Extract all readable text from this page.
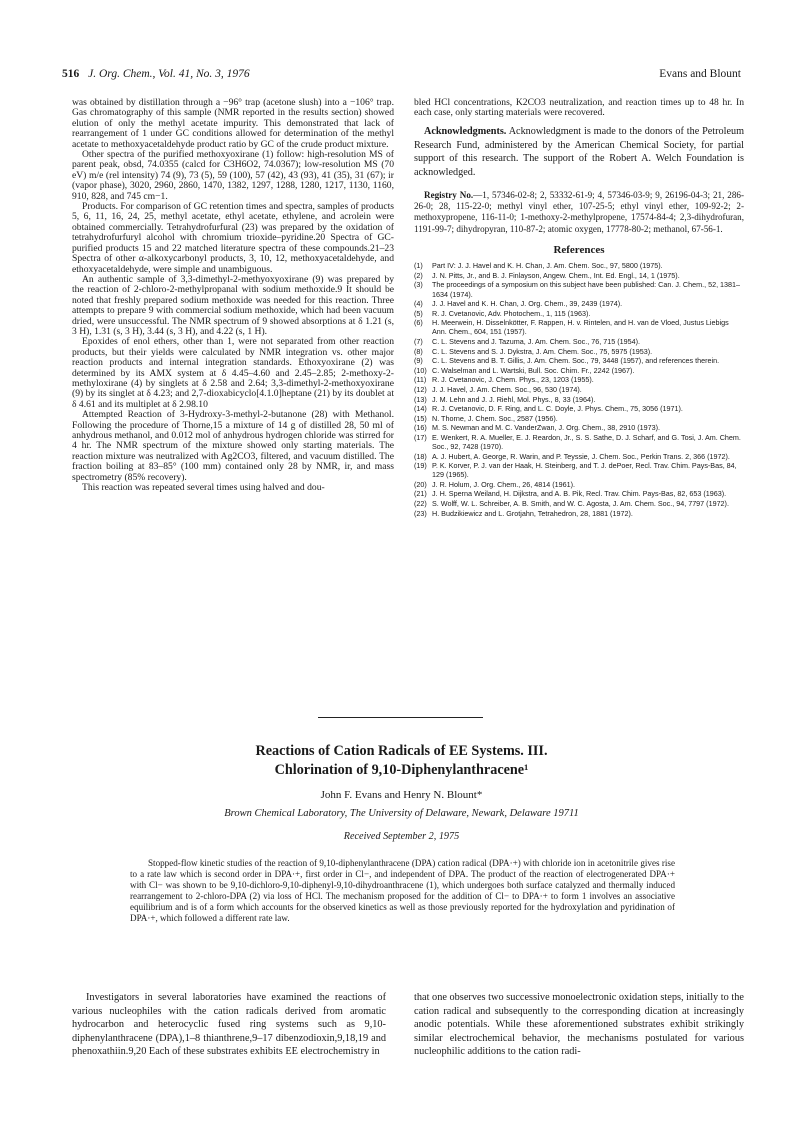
516 J. Org. Chem., Vol. 41, No. 3, 1976	Evans and Blount

was obtained by distillation through a −96° trap (acetone slush) into a −106° trap. Gas chromatography of this sample (NMR reported in the results section) showed elution of only the methyl acetate impurity. This demonstrated that lack of rearrangement of 1 under GC conditions allowed for determination of the methyl acetate to methoxyacetaldehyde product ratio by GC of the crude product mixture.

Other spectra of the purified methoxyoxirane (1) follow: high-resolution MS of parent peak, obsd, 74.0355 (calcd for C3H6O2, 74.0367); low-resolution MS (70 eV) m/e (rel intensity) 74 (9), 73 (5), 59 (100), 57 (42), 43 (93), 41 (35), 31 (67); ir (vapor phase), 3020, 2960, 2860, 1470, 1382, 1297, 1288, 1280, 1217, 1130, 1160, 910, 828, and 745 cm−1.

Products. For comparison of GC retention times and spectra, samples of products 5, 6, 11, 16, 24, 25, methyl acetate, ethyl acetate, ethylene, and acrolein were obtained commercially. Tetrahydrofurfural (23) was prepared by the oxidation of tetrahydrofurfuryl alcohol with chromium trioxide–pyridine.20 Spectra of GC-purified products 15 and 22 matched literature spectra of these compounds.21–23 Spectra of other α-alkoxycarbonyl products, 3, 10, 12, methoxyacetaldehyde, and ethoxyacetaldehyde, were simple and unambiguous.

An authentic sample of 3,3-dimethyl-2-methyoxyoxirane (9) was prepared by the reaction of 2-chloro-2-methylpropanal with sodium methoxide.9 It should be noted that freshly prepared sodium methoxide was needed for this reaction. Three attempts to prepare 9 with commercial sodium methoxide, which had been vacuum dried, were unsuccessful. The NMR spectrum of 9 showed absorptions at δ 1.21 (s, 3 H), 1.31 (s, 3 H), 3.44 (s, 3 H), and 4.22 (s, 1 H).

Epoxides of enol ethers, other than 1, were not separated from other reaction products, but their yields were calculated by NMR integration vs. other major reaction products and internal integration standards. Ethoxyoxirane (2) was determined by its AMX system at δ 4.45–4.60 and 2.45–2.85; 2-methoxy-2-methyloxirane (4) by singlets at δ 2.58 and 2.64; 3,3-dimethyl-2-methoxyoxirane (9) by its singlet at δ 4.23; and 2,7-dioxabicyclo[4.1.0]heptane (21) by its doublet at δ 4.61 and its multiplet at δ 2.98.10

Attempted Reaction of 3-Hydroxy-3-methyl-2-butanone (28) with Methanol. Following the procedure of Thorne,15 a mixture of 14 g of distilled 28, 50 ml of anhydrous methanol, and 0.012 mol of anhydrous hydrogen chloride was stirred for 4 hr. The NMR spectrum of the mixture showed only starting materials. The reaction mixture was neutralized with Ag2CO3, filtered, and vacuum distilled. The fraction boiling at 83–85° (100 mm) contained only 28 by NMR, ir, and mass spectrometry (85% recovery).

This reaction was repeated several times using halved and dou-

bled HCl concentrations, K2CO3 neutralization, and reaction times up to 48 hr. In each case, only starting materials were recovered.

Acknowledgments. Acknowledgment is made to the donors of the Petroleum Research Fund, administered by the American Chemical Society, for partial support of this research. The support of the Robert A. Welch Foundation is acknowledged.

Registry No.—1, 57346-02-8; 2, 53332-61-9; 4, 57346-03-9; 9, 26196-04-3; 21, 286-26-0; 28, 115-22-0; methyl vinyl ether, 107-25-5; ethyl vinyl ether, 109-92-2; 2-methoxypropene, 116-11-0; 1-methoxy-2-methylpropene, 17574-84-4; 2,3-dihydrofuran, 1191-99-7; dihydropyran, 110-87-2; atomic oxygen, 17778-80-2; methanol, 67-56-1.

References
(1)	Part IV: J. J. Havel and K. H. Chan, J. Am. Chem. Soc., 97, 5800 (1975).
(2)	J. N. Pitts, Jr., and B. J. Finlayson, Angew. Chem., Int. Ed. Engl., 14, 1 (1975).
(3)	The proceedings of a symposium on this subject have been published: Can. J. Chem., 52, 1381–1634 (1974).
(4)	J. J. Havel and K. H. Chan, J. Org. Chem., 39, 2439 (1974).
(5)	R. J. Cvetanovic, Adv. Photochem., 1, 115 (1963).
(6)	H. Meerwein, H. Disselnkötter, F. Rappen, H. v. Rintelen, and H. van de Vloed, Justus Liebigs Ann. Chem., 604, 151 (1957).
(7)	C. L. Stevens and J. Tazuma, J. Am. Chem. Soc., 76, 715 (1954).
(8)	C. L. Stevens and S. J. Dykstra, J. Am. Chem. Soc., 75, 5975 (1953).
(9)	C. L. Stevens and B. T. Gillis, J. Am. Chem. Soc., 79, 3448 (1957), and references therein.
(10) C. Walselman and L. Wartski, Bull. Soc. Chim. Fr., 2242 (1967).
(11) R. J. Cvetanovic, J. Chem. Phys., 23, 1203 (1955).
(12) J. J. Havel, J. Am. Chem. Soc., 96, 530 (1974).
(13) J. M. Lehn and J. J. Riehl, Mol. Phys., 8, 33 (1964).
(14) R. J. Cvetanovic, D. F. Ring, and L. C. Doyle, J. Phys. Chem., 75, 3056 (1971).
(15) N. Thorne, J. Chem. Soc., 2587 (1956).
(16) M. S. Newman and M. C. VanderZwan, J. Org. Chem., 38, 2910 (1973).
(17) E. Wenkert, R. A. Mueller, E. J. Reardon, Jr., S. S. Sathe, D. J. Scharf, and G. Tosi, J. Am. Chem. Soc., 92, 7428 (1970).
(18) A. J. Hubert, A. George, R. Warin, and P. Teyssie, J. Chem. Soc., Perkin Trans. 2, 366 (1972).
(19) P. K. Korver, P. J. van der Haak, H. Steinberg, and T. J. dePoer, Recl. Trav. Chim. Pays-Bas, 84, 129 (1965).
(20) J. R. Holum, J. Org. Chem., 26, 4814 (1961).
(21) J. H. Sperna Weiland, H. Dijkstra, and A. B. Pik, Recl. Trav. Chim. Pays-Bas, 82, 653 (1963).
(22) S. Wolff, W. L. Schreiber, A. B. Smith, and W. C. Agosta, J. Am. Chem. Soc., 94, 7797 (1972).
(23) H. Budzikiewicz and L. Grotjahn, Tetrahedron, 28, 1881 (1972).
Reactions of Cation Radicals of EE Systems. III.
Chlorination of 9,10-Diphenylanthracene¹
John F. Evans and Henry N. Blount*
Brown Chemical Laboratory, The University of Delaware, Newark, Delaware 19711
Received September 2, 1975
Stopped-flow kinetic studies of the reaction of 9,10-diphenylanthracene (DPA) cation radical (DPA·+) with chloride ion in acetonitrile gives rise to a rate law which is second order in DPA·+, first order in Cl−, and independent of DPA. The product of the reaction of electrogenerated DPA·+ with Cl− was shown to be 9,10-dichloro-9,10-diphenyl-9,10-dihydroanthracene (1), which undergoes both surface catalyzed and thermally induced rearrangement to 2-chloro-DPA (2) via loss of HCl. The mechanism proposed for the addition of Cl− to DPA·+ to form 1 involves an associative equilibrium and is of a form which accounts for the observed kinetics as well as those previously reported for the hydroxylation and pyridination of DPA·+, which followed a different rate law.
Investigators in several laboratories have examined the reactions of various nucleophiles with the cation radicals derived from aromatic hydrocarbon and heterocyclic fused ring systems such as 9,10-diphenylanthracene (DPA),1–8 thianthrene,9–17 dibenzodioxin,9,18,19 and phenoxathiin.9,20 Each of these substrates exhibits EE electrochemistry in
that one observes two successive monoelectronic oxidation steps, initially to the cation radical and subsequently to the corresponding dication at increasingly anodic potentials. While these aforementioned substrates exhibit strikingly similar electrochemical behavior, the mechanisms postulated for various nucleophilic additions to the cation radi-
